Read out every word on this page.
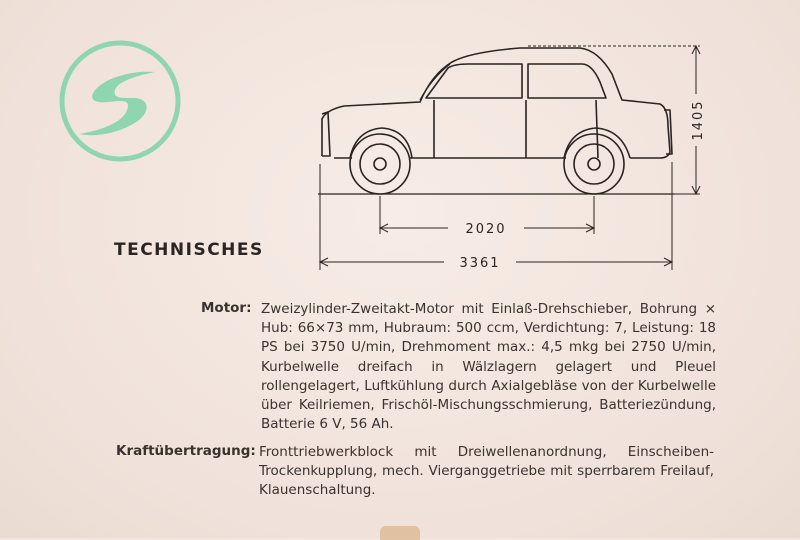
1405
2020
3361
TECHNISCHES
Motor: Zweizylinder-Zweitakt-Motor mit Einlaß-Drehschieber, Bohrung × Hub: 66×73 mm, Hubraum: 500 ccm, Verdichtung: 7, Leistung: 18 PS bei 3750 U/min, Drehmoment max.: 4,5 mkg bei 2750 U/min, Kurbelwelle dreifach in Wälzlagern gelagert und Pleuel rollengelagert, Luftkühlung durch Axialgebläse von der Kurbelwelle über Keilriemen, Frischöl-Mischungsschmierung, Batteriezündung, Batterie 6 V, 56 Ah.
Kraftübertragung: Fronttriebwerkblock mit Dreiwellenanordnung, Einscheiben-Trockenkupplung, mech. Vierganggetriebe mit sperrbarem Freilauf, Klauenschaltung.
